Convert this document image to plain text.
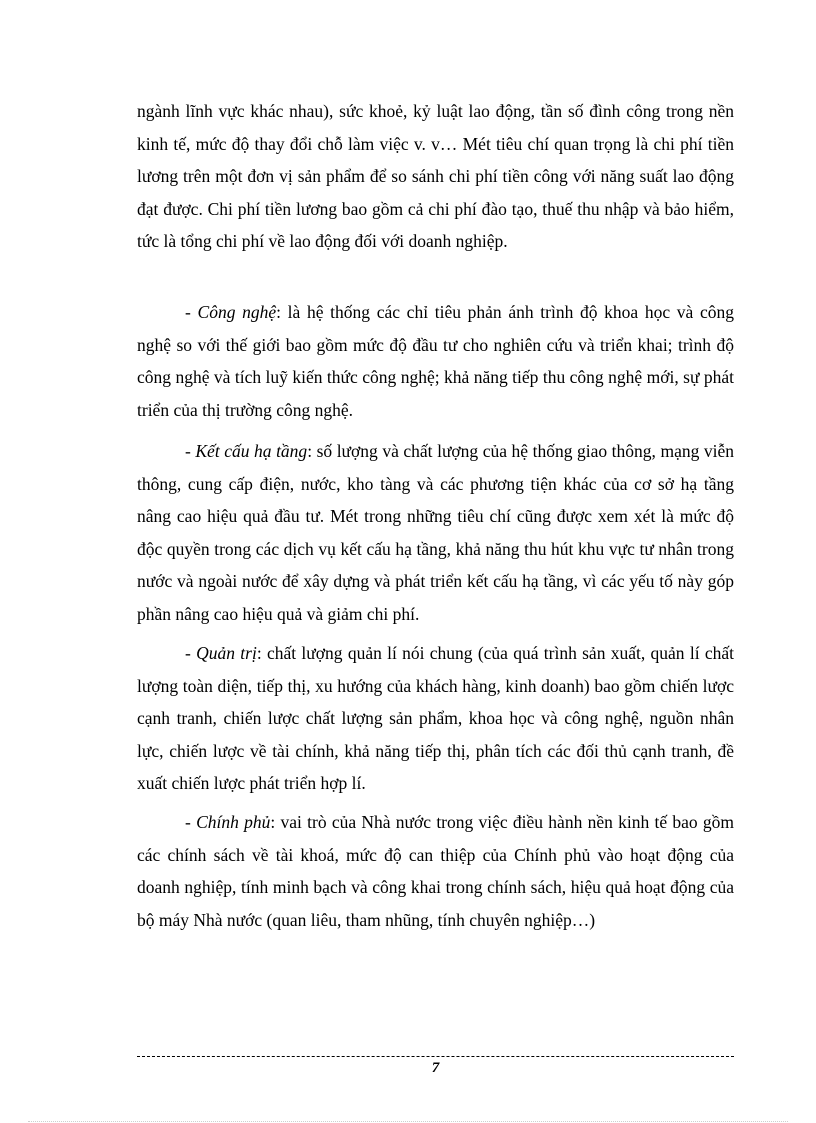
ngành lĩnh vực khác nhau), sức khoẻ, kỷ luật lao động, tần số đình công trong nền kinh tế, mức độ thay đổi chỗ làm việc v. v… Mét tiêu chí quan trọng là chi phí tiền lương trên một đơn vị sản phẩm để so sánh chi phí tiền công với năng suất lao động đạt được. Chi phí tiền lương bao gồm cả chi phí đào tạo, thuế thu nhập và bảo hiểm, tức là tổng chi phí về lao động đối với doanh nghiệp.

- Công nghệ: là hệ thống các chỉ tiêu phản ánh trình độ khoa học và công nghệ so với thế giới bao gồm mức độ đầu tư cho nghiên cứu và triển khai; trình độ công nghệ và tích luỹ kiến thức công nghệ; khả năng tiếp thu công nghệ mới, sự phát triển của thị trường công nghệ.

- Kết cấu hạ tầng: số lượng và chất lượng của hệ thống giao thông, mạng viễn thông, cung cấp điện, nước, kho tàng và các phương tiện khác của cơ sở hạ tầng nâng cao hiệu quả đầu tư. Mét trong những tiêu chí cũng được xem xét là mức độ độc quyền trong các dịch vụ kết cấu hạ tầng, khả năng thu hút khu vực tư nhân trong nước và ngoài nước để xây dựng và phát triển kết cấu hạ tầng, vì các yếu tố này góp phần nâng cao hiệu quả và giảm chi phí.

- Quản trị: chất lượng quản lí nói chung (của quá trình sản xuất, quản lí chất lượng toàn diện, tiếp thị, xu hướng của khách hàng, kinh doanh) bao gồm chiến lược cạnh tranh, chiến lược chất lượng sản phẩm, khoa học và công nghệ, nguồn nhân lực, chiến lược về tài chính, khả năng tiếp thị, phân tích các đối thủ cạnh tranh, đề xuất chiến lược phát triển hợp lí.

- Chính phủ: vai trò của Nhà nước trong việc điều hành nền kinh tế bao gồm các chính sách về tài khoá, mức độ can thiệp của Chính phủ vào hoạt động của doanh nghiệp, tính minh bạch và công khai trong chính sách, hiệu quả hoạt động của bộ máy Nhà nước (quan liêu, tham nhũng, tính chuyên nghiệp…)

7
